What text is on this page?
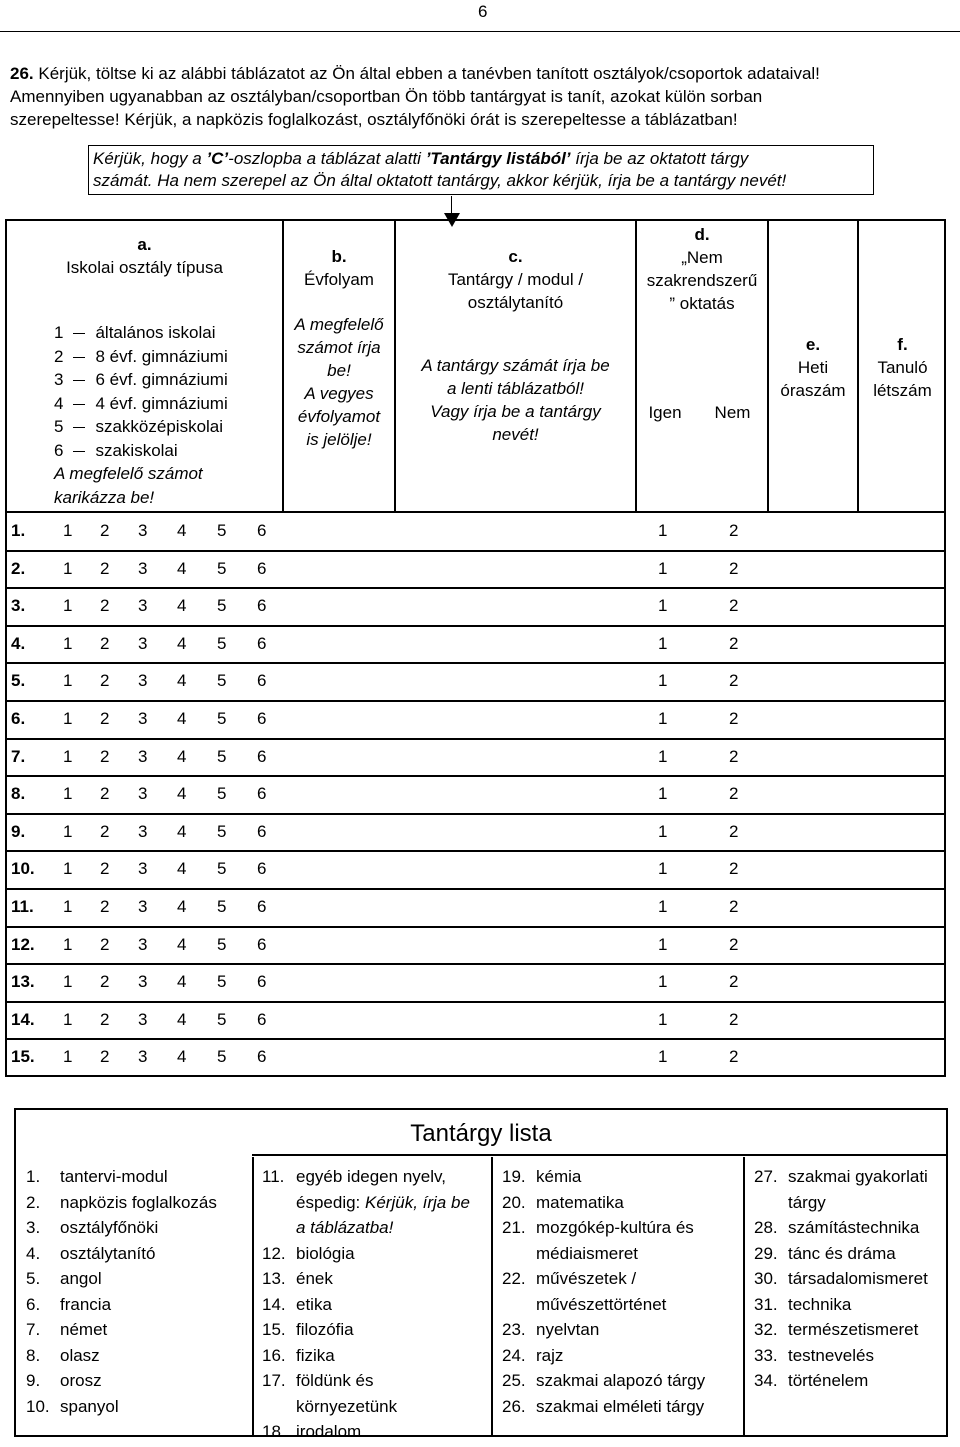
6
26. Kérjük, töltse ki az alábbi táblázatot az Ön által ebben a tanévben tanított osztályok/csoportok adataival!
Amennyiben ugyanabban az osztályban/csoportban Ön több tantárgyat is tanít, azokat külön sorban
szerepeltesse! Kérjük, a napközis foglalkozást, osztályfőnöki órát is szerepeltesse a táblázatban!
Kérjük, hogy a ’C’-oszlopba a táblázat alatti ’Tantárgy listából’ írja be az oktatott tárgy
számát. Ha nem szerepel az Ön által oktatott tantárgy, akkor kérjük, írja be a tantárgy nevét!
a.
Iskolai osztály típusa
1 általános iskolai
2 8 évf. gimnáziumi
3 6 évf. gimnáziumi
4 4 évf. gimnáziumi
5 szakközépiskolai
6 szakiskolai
A megfelelő számot
karikázza be!
b.
Évfolyam
A megfelelő
számot írja
be!
A vegyes
évfolyamot
is jelölje!
c.
Tantárgy / modul /
osztálytanító
A tantárgy számát írja be
a lenti táblázatból!
Vagy írja be a tantárgy
nevét!
d.
„Nem
szakrendszerű
” oktatás
Igen Nem
e.
Heti
óraszám
f.
Tanuló
létszám
1. 1 2 3 4 5 6	1	2
2. 1 2 3 4 5 6	1	2
3. 1 2 3 4 5 6	1	2
4. 1 2 3 4 5 6	1	2
5. 1 2 3 4 5 6	1	2
6. 1 2 3 4 5 6	1	2
7. 1 2 3 4 5 6	1	2
8. 1 2 3 4 5 6	1	2
9. 1 2 3 4 5 6	1	2
10. 1 2 3 4 5 6	1	2
11. 1 2 3 4 5 6	1	2
12. 1 2 3 4 5 6	1	2
13. 1 2 3 4 5 6	1	2
14. 1 2 3 4 5 6	1	2
15. 1 2 3 4 5 6	1	2
Tantárgy lista
1. tantervi-modul
2. napközis foglalkozás
3. osztályfőnöki
4. osztálytanító
5. angol
6. francia
7. német
8. olasz
9. orosz
10. spanyol
11. egyéb idegen nyelv,
éspedig: Kérjük, írja be
a táblázatba!
12. biológia
13. ének
14. etika
15. filozófia
16. fizika
17. földünk és
környezetünk
18. irodalom
19. kémia
20. matematika
21. mozgókép-kultúra és
médiaismeret
22. művészetek /
művészettörténet
23. nyelvtan
24. rajz
25. szakmai alapozó tárgy
26. szakmai elméleti tárgy
27. szakmai gyakorlati
tárgy
28. számítástechnika
29. tánc és dráma
30. társadalomismeret
31. technika
32. természetismeret
33. testnevelés
34. történelem
